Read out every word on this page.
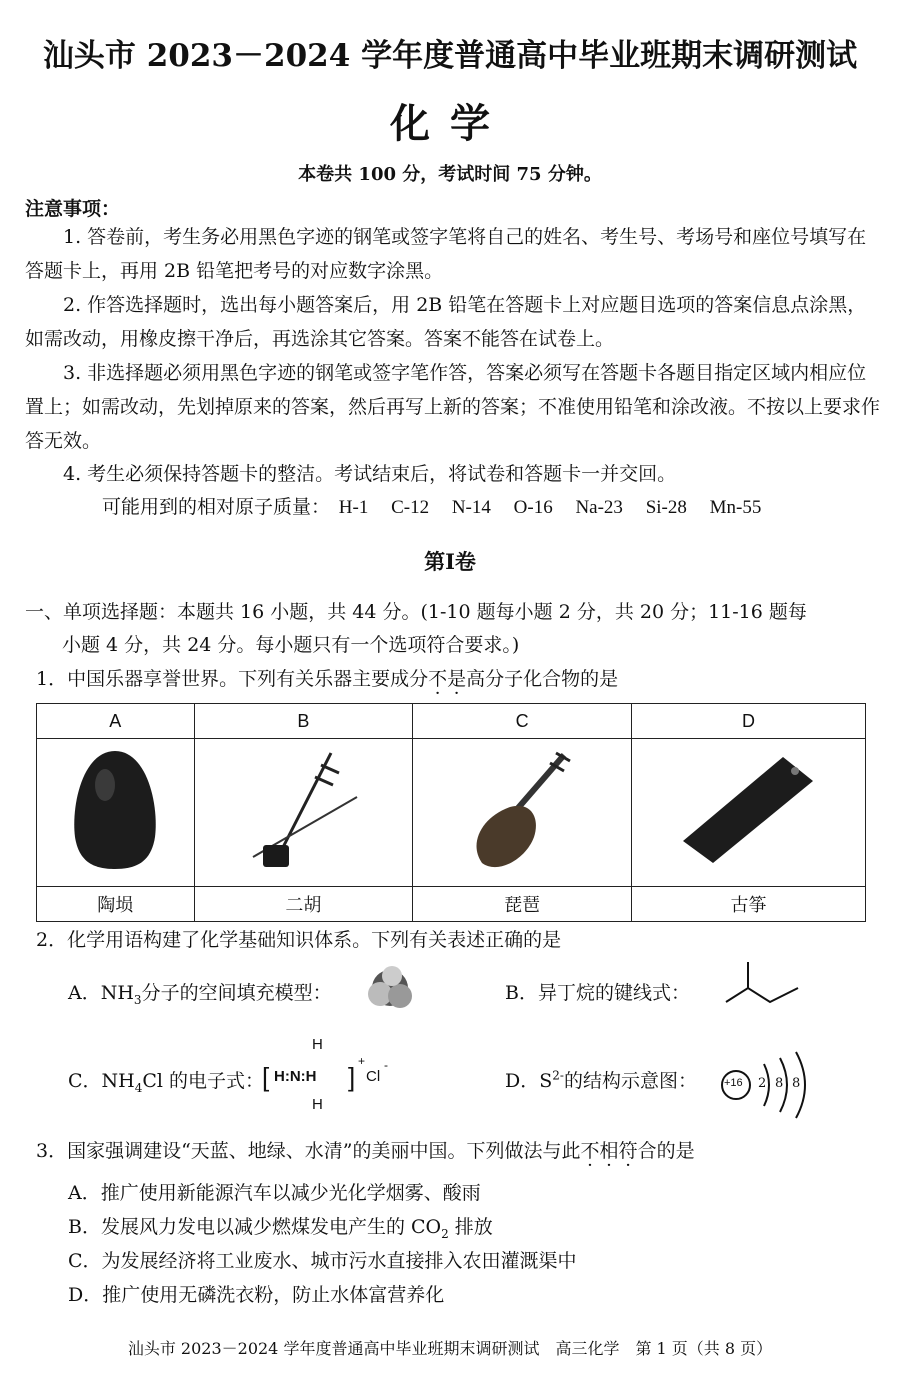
汕头市 2023－2024 学年度普通高中毕业班期末调研测试
化学
本卷共 100 分，考试时间 75 分钟。
注意事项：
1. 答卷前，考生务必用黑色字迹的钢笔或签字笔将自己的姓名、考生号、考场号和座位号填写在答题卡上，再用 2B 铅笔把考号的对应数字涂黑。
2. 作答选择题时，选出每小题答案后，用 2B 铅笔在答题卡上对应题目选项的答案信息点涂黑，如需改动，用橡皮擦干净后，再选涂其它答案。答案不能答在试卷上。
3. 非选择题必须用黑色字迹的钢笔或签字笔作答，答案必须写在答题卡各题目指定区域内相应位置上；如需改动，先划掉原来的答案，然后再写上新的答案；不准使用铅笔和涂改液。不按以上要求作答无效。
4. 考生必须保持答题卡的整洁。考试结束后，将试卷和答题卡一并交回。
可能用到的相对原子质量： H-1 C-12 N-14 O-16 Na-23 Si-28 Mn-55
第Ⅰ卷
一、单项选择题：本题共 16 小题，共 44 分。(1-10 题每小题 2 分，共 20 分；11-16 题每
小题 4 分，共 24 分。每小题只有一个选项符合要求。)
1．中国乐器享誉世界。下列有关乐器主要成分不是高分子化合物的是
A	B	C	D

陶埙	二胡	琵琶	古筝
2．化学用语构建了化学基础知识体系。下列有关表述正确的是
A．$NH_3$分子的空间填充模型：	B．异丁烷的键线式：
C．$NH_4Cl$ 的电子式：
H
[ H:N:H ]
+
Cl
-
H
D．$S^{2-}$的结构示意图： +16 2 8 8
3．国家强调建设“天蓝、地绿、水清”的美丽中国。下列做法与此不相符合的是
A．推广使用新能源汽车以减少光化学烟雾、酸雨
B．发展风力发电以减少燃煤发电产生的 $CO_2$ 排放
C．为发展经济将工业废水、城市污水直接排入农田灌溉渠中
D．推广使用无磷洗衣粉，防止水体富营养化
汕头市 2023－2024 学年度普通高中毕业班期末调研测试　高三化学　第 1 页（共 8 页）
